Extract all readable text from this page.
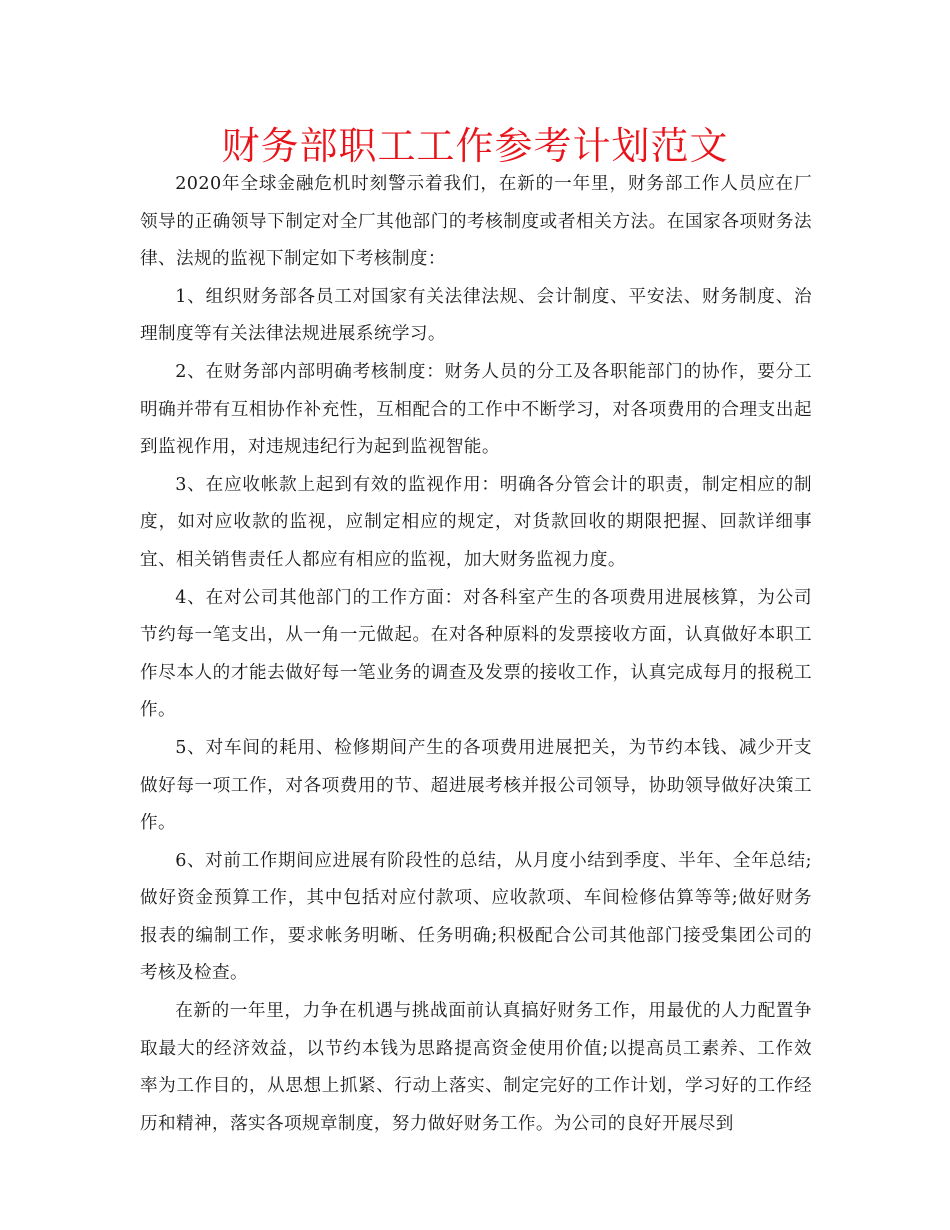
财务部职工工作参考计划范文

2020年全球金融危机时刻警示着我们，在新的一年里，财务部工作人员应在厂领导的正确领导下制定对全厂其他部门的考核制度或者相关方法。在国家各项财务法律、法规的监视下制定如下考核制度：

1、组织财务部各员工对国家有关法律法规、会计制度、平安法、财务制度、治理制度等有关法律法规进展系统学习。

2、在财务部内部明确考核制度：财务人员的分工及各职能部门的协作，要分工明确并带有互相协作补充性，互相配合的工作中不断学习，对各项费用的合理支出起到监视作用，对违规违纪行为起到监视智能。

3、在应收帐款上起到有效的监视作用：明确各分管会计的职责，制定相应的制度，如对应收款的监视，应制定相应的规定，对货款回收的期限把握、回款详细事宜、相关销售责任人都应有相应的监视，加大财务监视力度。

4、在对公司其他部门的工作方面：对各科室产生的各项费用进展核算，为公司节约每一笔支出，从一角一元做起。在对各种原料的发票接收方面，认真做好本职工作尽本人的才能去做好每一笔业务的调查及发票的接收工作，认真完成每月的报税工作。

5、对车间的耗用、检修期间产生的各项费用进展把关，为节约本钱、减少开支做好每一项工作，对各项费用的节、超进展考核并报公司领导，协助领导做好决策工作。

6、对前工作期间应进展有阶段性的总结，从月度小结到季度、半年、全年总结;做好资金预算工作，其中包括对应付款项、应收款项、车间检修估算等等;做好财务报表的编制工作，要求帐务明晰、任务明确;积极配合公司其他部门接受集团公司的考核及检查。

在新的一年里，力争在机遇与挑战面前认真搞好财务工作，用最优的人力配置争取最大的经济效益，以节约本钱为思路提高资金使用价值;以提高员工素养、工作效率为工作目的，从思想上抓紧、行动上落实、制定完好的工作计划，学习好的工作经历和精神，落实各项规章制度，努力做好财务工作。为公司的良好开展尽到
